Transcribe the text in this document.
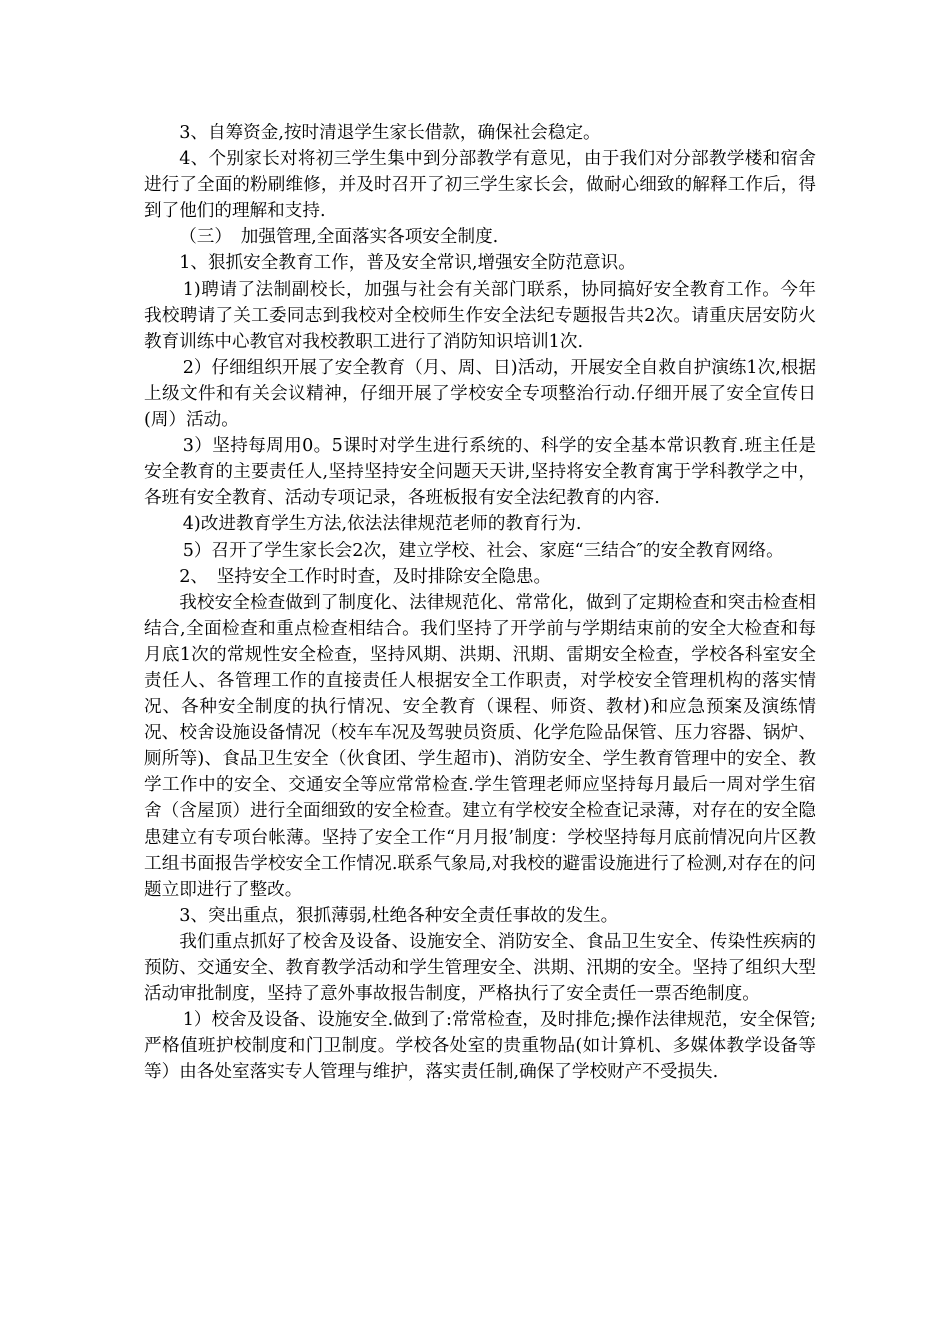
3、自筹资金,按时清退学生家长借款，确保社会稳定。

4、个别家长对将初三学生集中到分部教学有意见，由于我们对分部教学楼和宿舍进行了全面的粉刷维修，并及时召开了初三学生家长会，做耐心细致的解释工作后，得到了他们的理解和支持.

（三）　加强管理,全面落实各项安全制度.

1、狠抓安全教育工作，普及安全常识,增强安全防范意识。

1)聘请了法制副校长，加强与社会有关部门联系，协同搞好安全教育工作。今年我校聘请了关工委同志到我校对全校师生作安全法纪专题报告共2次。请重庆居安防火教育训练中心教官对我校教职工进行了消防知识培训1次.

2）仔细组织开展了安全教育（月、周、日)活动，开展安全自救自护演练1次,根据上级文件和有关会议精神，仔细开展了学校安全专项整治行动.仔细开展了安全宣传日(周）活动。

3）坚持每周用0。5课时对学生进行系统的、科学的安全基本常识教育.班主任是安全教育的主要责任人,坚持坚持安全问题天天讲,坚持将安全教育寓于学科教学之中，各班有安全教育、活动专项记录，各班板报有安全法纪教育的内容.

4)改进教育学生方法,依法法律规范老师的教育行为.

5）召开了学生家长会2次，建立学校、社会、家庭“三结合″的安全教育网络。

2、　坚持安全工作时时查，及时排除安全隐患。

我校安全检查做到了制度化、法律规范化、常常化，做到了定期检查和突击检查相结合,全面检查和重点检查相结合。我们坚持了开学前与学期结束前的安全大检查和每月底1次的常规性安全检查，坚持风期、洪期、汛期、雷期安全检查，学校各科室安全责任人、各管理工作的直接责任人根据安全工作职责，对学校安全管理机构的落实情况、各种安全制度的执行情况、安全教育（课程、师资、教材)和应急预案及演练情况、校舍设施设备情况（校车车况及驾驶员资质、化学危险品保管、压力容器、锅炉、厕所等)、食品卫生安全（伙食团、学生超市)、消防安全、学生教育管理中的安全、教学工作中的安全、交通安全等应常常检查.学生管理老师应坚持每月最后一周对学生宿舍（含屋顶）进行全面细致的安全检查。建立有学校安全检查记录薄，对存在的安全隐患建立有专项台帐薄。坚持了安全工作“月月报’制度：学校坚持每月底前情况向片区教工组书面报告学校安全工作情况.联系气象局,对我校的避雷设施进行了检测,对存在的问题立即进行了整改。

3、突出重点，狠抓薄弱,杜绝各种安全责任事故的发生。

我们重点抓好了校舍及设备、设施安全、消防安全、食品卫生安全、传染性疾病的预防、交通安全、教育教学活动和学生管理安全、洪期、汛期的安全。坚持了组织大型活动审批制度，坚持了意外事故报告制度，严格执行了安全责任一票否绝制度。

1）校舍及设备、设施安全.做到了:常常检查，及时排危;操作法律规范，安全保管;严格值班护校制度和门卫制度。学校各处室的贵重物品(如计算机、多媒体教学设备等等）由各处室落实专人管理与维护，落实责任制,确保了学校财产不受损失.
